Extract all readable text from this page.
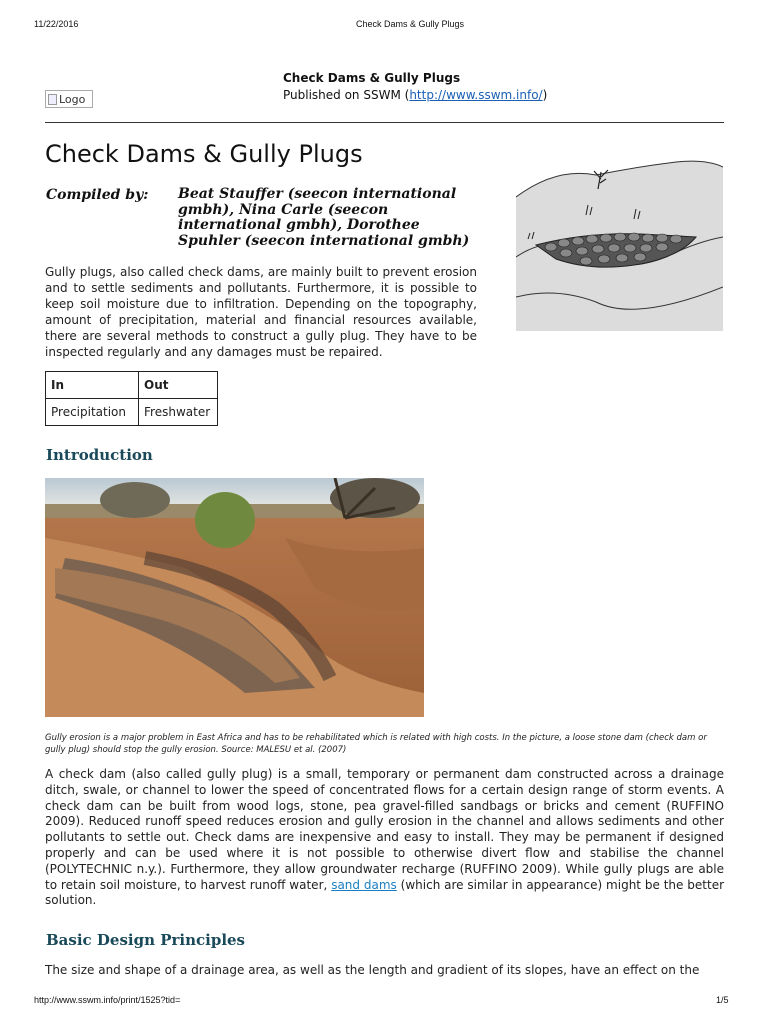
11/22/2016	Check Dams & Gully Plugs
Check Dams & Gully Plugs
Published on SSWM (http://www.sswm.info/)
Logo
Check Dams & Gully Plugs
Compiled by: Beat Stauffer (seecon international gmbh), Nina Carle (seecon international gmbh), Dorothee Spuhler (seecon international gmbh)
Gully plugs, also called check dams, are mainly built to prevent erosion and to settle sediments and pollutants. Furthermore, it is possible to keep soil moisture due to infiltration. Depending on the topography, amount of precipitation, material and financial resources available, there are several methods to construct a gully plug. They have to be inspected regularly and any damages must be repaired.
In	Out
Precipitation	Freshwater
Introduction
Gully erosion is a major problem in East Africa and has to be rehabilitated which is related with high costs. In the picture, a loose stone dam (check dam or gully plug) should stop the gully erosion. Source: MALESU et al. (2007)
A check dam (also called gully plug) is a small, temporary or permanent dam constructed across a drainage ditch, swale, or channel to lower the speed of concentrated flows for a certain design range of storm events. A check dam can be built from wood logs, stone, pea gravel-filled sandbags or bricks and cement (RUFFINO 2009). Reduced runoff speed reduces erosion and gully erosion in the channel and allows sediments and other pollutants to settle out. Check dams are inexpensive and easy to install. They may be permanent if designed properly and can be used where it is not possible to otherwise divert flow and stabilise the channel (POLYTECHNIC n.y.). Furthermore, they allow groundwater recharge (RUFFINO 2009). While gully plugs are able to retain soil moisture, to harvest runoff water, sand dams (which are similar in appearance) might be the better solution.
Basic Design Principles
The size and shape of a drainage area, as well as the length and gradient of its slopes, have an effect on the
http://www.sswm.info/print/1525?tid=	1/5
